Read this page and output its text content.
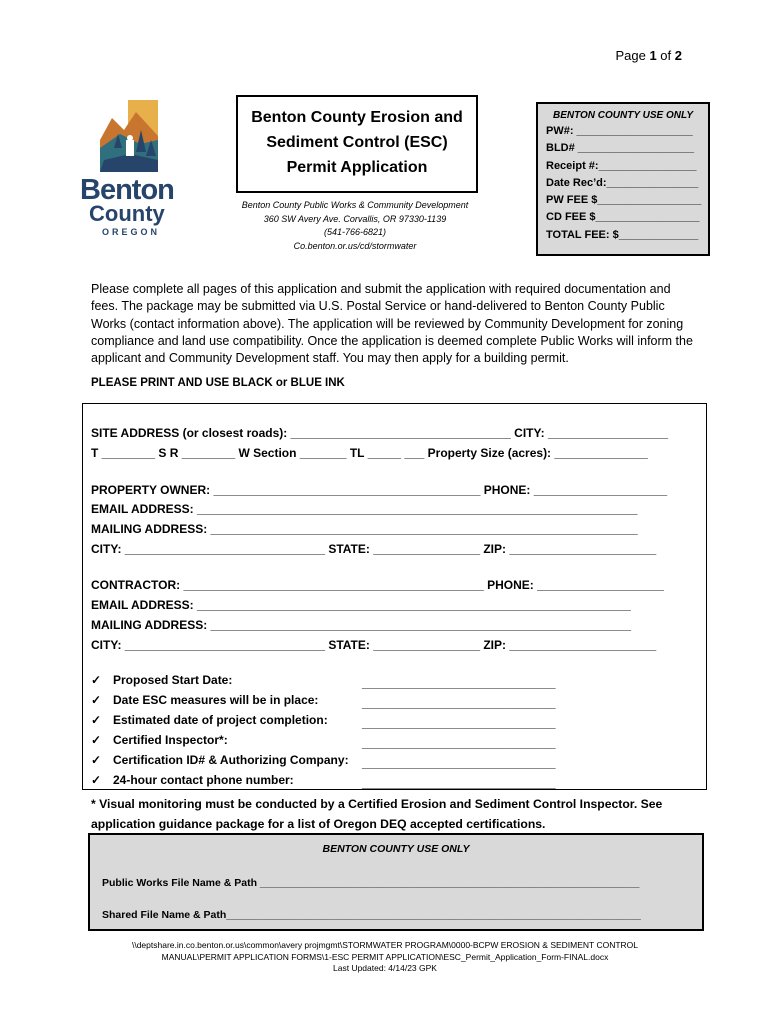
Page 1 of 2
Benton
County
OREGON
Benton County Erosion and
Sediment Control (ESC)
Permit Application
Benton County Public Works & Community Development
360 SW Avery Ave. Corvallis, OR 97330-1139
(541-766-6821)
Co.benton.or.us/cd/stormwater
BENTON COUNTY USE ONLY
PW#: ___________________
BLD# ___________________
Receipt #:________________
Date Rec’d:_______________
PW FEE $_________________
CD FEE $_________________
TOTAL FEE: $_____________
Please complete all pages of this application and submit the application with required documentation and fees. The package may be submitted via U.S. Postal Service or hand-delivered to Benton County Public Works (contact information above). The application will be reviewed by Community Development for zoning compliance and land use compatibility. Once the application is deemed complete Public Works will inform the applicant and Community Development staff. You may then apply for a building permit.
PLEASE PRINT AND USE BLACK or BLUE INK
SITE ADDRESS (or closest roads): _________________________________ CITY: __________________
T ________ S R ________ W Section _______ TL _____ ___ Property Size (acres): ______________
PROPERTY OWNER: ________________________________________ PHONE: ____________________
EMAIL ADDRESS: __________________________________________________________________
MAILING ADDRESS: ________________________________________________________________
CITY: ______________________________ STATE: ________________ ZIP: ______________________
CONTRACTOR: _____________________________________________ PHONE: ___________________
EMAIL ADDRESS: _________________________________________________________________
MAILING ADDRESS: _______________________________________________________________
CITY: ______________________________ STATE: ________________ ZIP: ______________________
✓ Proposed Start Date:
✓ Date ESC measures will be in place:
✓ Estimated date of project completion:
✓ Certified Inspector*:
✓ Certification ID# & Authorizing Company:
✓ 24-hour contact phone number:
_____________________________
_____________________________
_____________________________
_____________________________
_____________________________
_____________________________
* Visual monitoring must be conducted by a Certified Erosion and Sediment Control Inspector. See application guidance package for a list of Oregon DEQ accepted certifications.
BENTON COUNTY USE ONLY
Public Works File Name & Path _________________________________________________________________
Shared File Name & Path_______________________________________________________________________
\\deptshare.in.co.benton.or.us\common\avery projmgmt\STORMWATER PROGRAM\0000-BCPW EROSION & SEDIMENT CONTROL
MANUAL\PERMIT APPLICATION FORMS\1-ESC PERMIT APPLICATION\ESC_Permit_Application_Form-FINAL.docx
Last Updated: 4/14/23 GPK
